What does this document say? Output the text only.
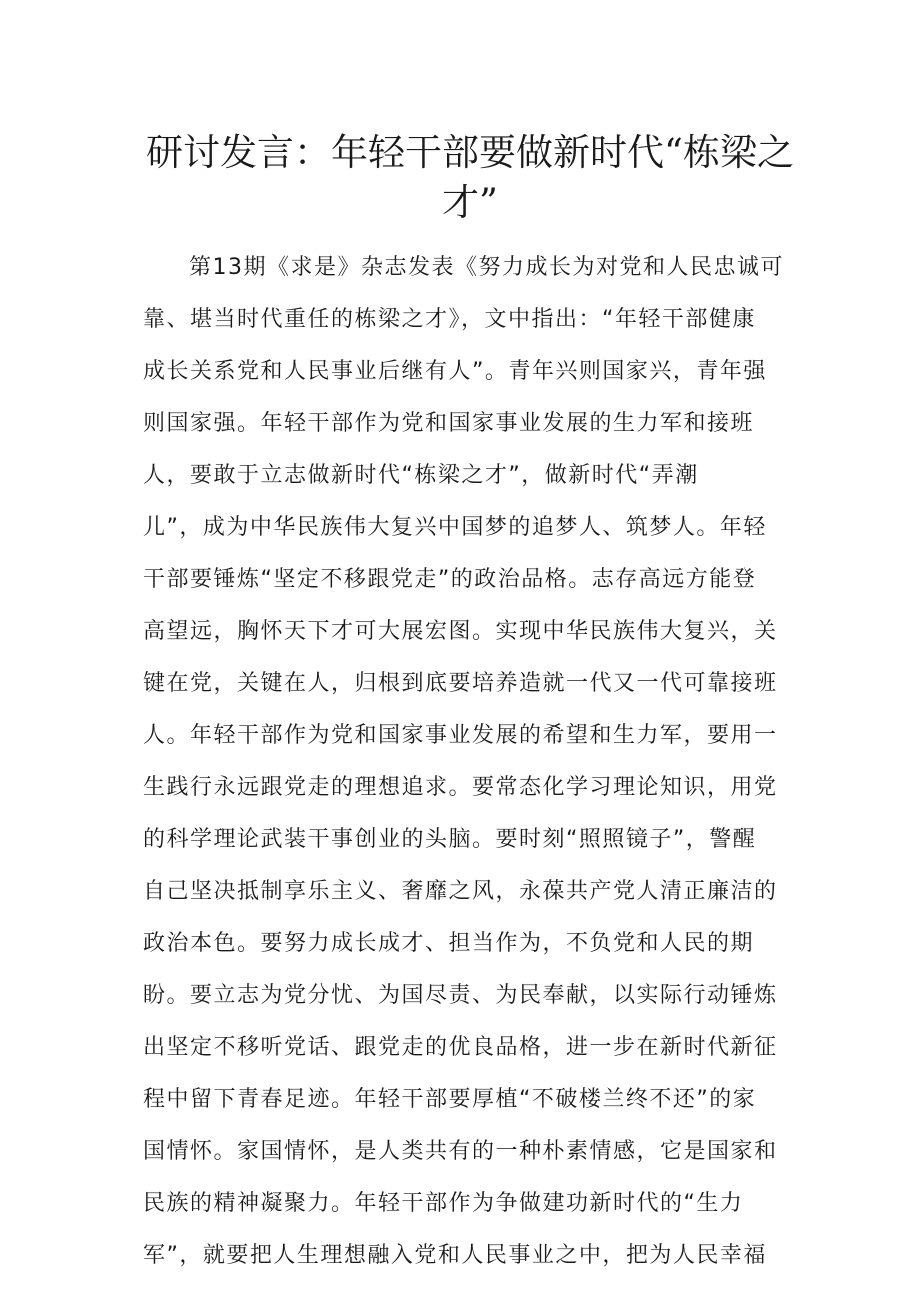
研讨发言：年轻干部要做新时代“栋梁之
才”
第13期《求是》杂志发表《努力成长为对党和人民忠诚可
靠、堪当时代重任的栋梁之才》，文中指出：“年轻干部健康
成长关系党和人民事业后继有人”。青年兴则国家兴，青年强
则国家强。年轻干部作为党和国家事业发展的生力军和接班
人，要敢于立志做新时代“栋梁之才”，做新时代“弄潮
儿”，成为中华民族伟大复兴中国梦的追梦人、筑梦人。年轻
干部要锤炼“坚定不移跟党走”的政治品格。志存高远方能登
高望远，胸怀天下才可大展宏图。实现中华民族伟大复兴，关
键在党，关键在人，归根到底要培养造就一代又一代可靠接班
人。年轻干部作为党和国家事业发展的希望和生力军，要用一
生践行永远跟党走的理想追求。要常态化学习理论知识，用党
的科学理论武装干事创业的头脑。要时刻“照照镜子”，警醒
自己坚决抵制享乐主义、奢靡之风，永葆共产党人清正廉洁的
政治本色。要努力成长成才、担当作为，不负党和人民的期
盼。要立志为党分忧、为国尽责、为民奉献，以实际行动锤炼
出坚定不移听党话、跟党走的优良品格，进一步在新时代新征
程中留下青春足迹。年轻干部要厚植“不破楼兰终不还”的家
国情怀。家国情怀，是人类共有的一种朴素情感，它是国家和
民族的精神凝聚力。年轻干部作为争做建功新时代的“生力
军”，就要把人生理想融入党和人民事业之中，把为人民幸福
